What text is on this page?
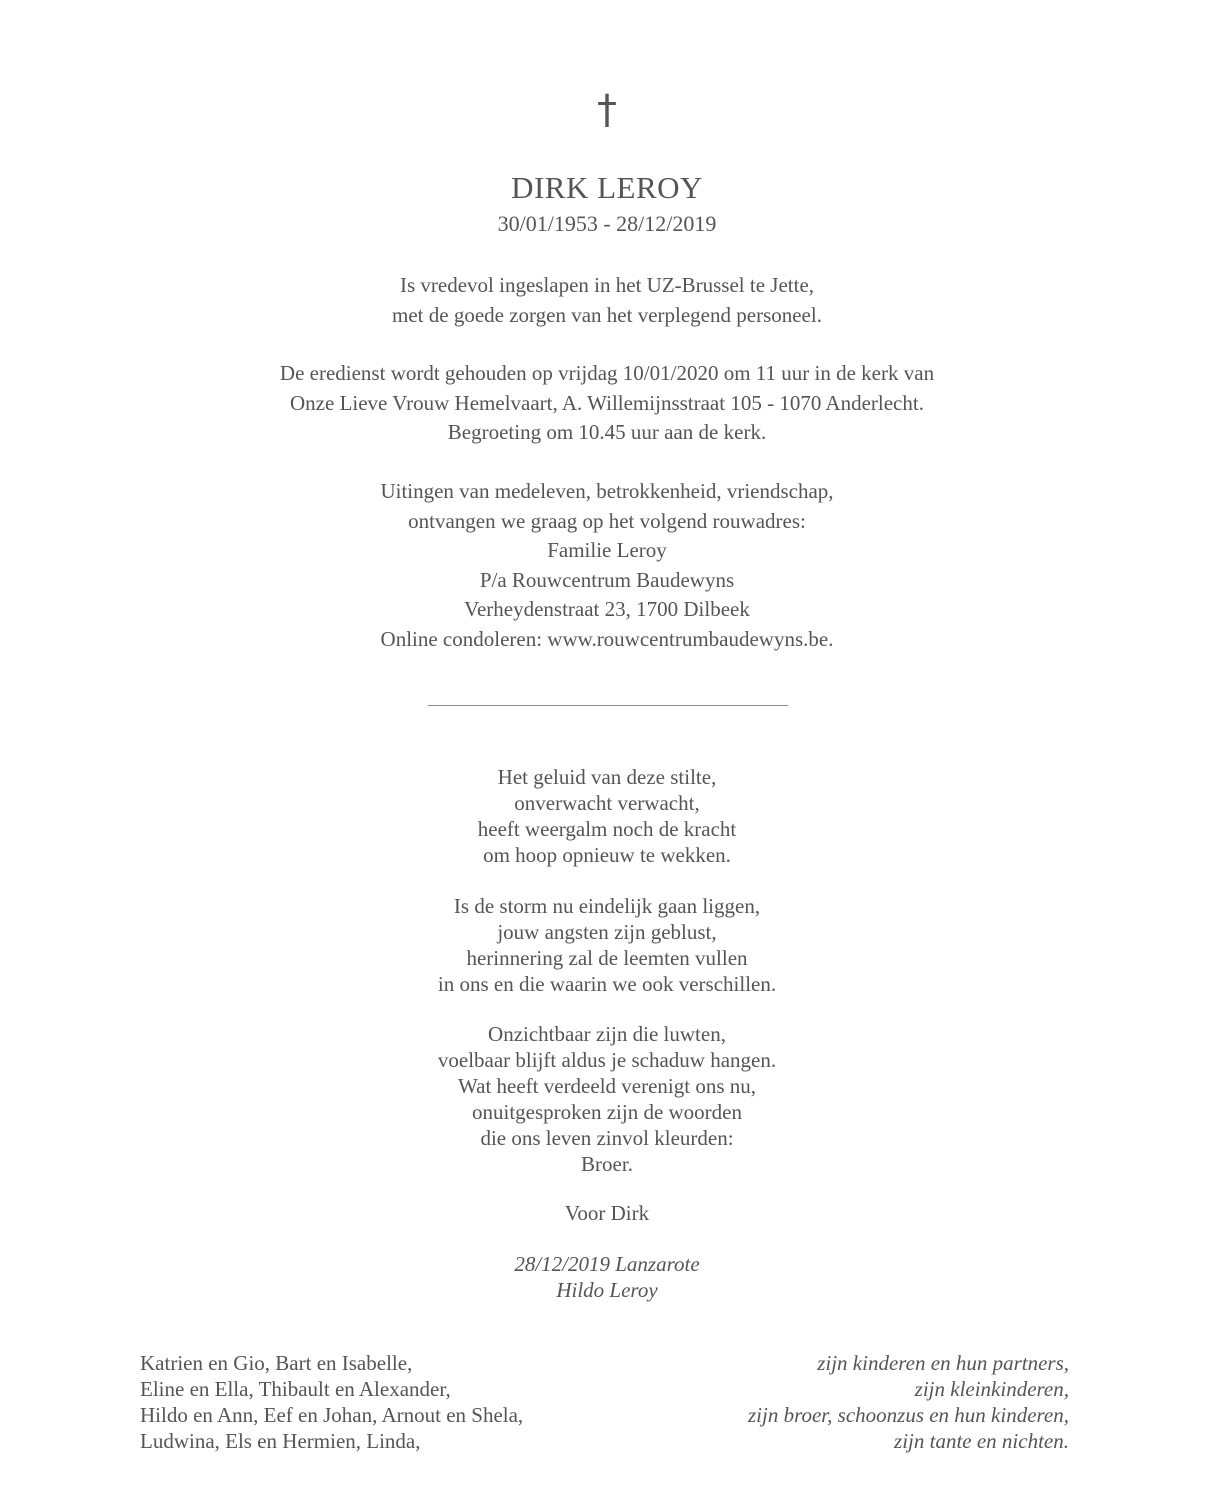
†
DIRK LEROY
30/01/1953 - 28/12/2019
Is vredevol ingeslapen in het UZ-Brussel te Jette,
met de goede zorgen van het verplegend personeel.
De eredienst wordt gehouden op vrijdag 10/01/2020 om 11 uur in de kerk van
Onze Lieve Vrouw Hemelvaart, A. Willemijnsstraat 105 - 1070 Anderlecht.
Begroeting om 10.45 uur aan de kerk.
Uitingen van medeleven, betrokkenheid, vriendschap,
ontvangen we graag op het volgend rouwadres:
Familie Leroy
P/a Rouwcentrum Baudewyns
Verheydenstraat 23, 1700 Dilbeek
Online condoleren: www.rouwcentrumbaudewyns.be.
Het geluid van deze stilte,
onverwacht verwacht,
heeft weergalm noch de kracht
om hoop opnieuw te wekken.
Is de storm nu eindelijk gaan liggen,
jouw angsten zijn geblust,
herinnering zal de leemten vullen
in ons en die waarin we ook verschillen.
Onzichtbaar zijn die luwten,
voelbaar blijft aldus je schaduw hangen.
Wat heeft verdeeld verenigt ons nu,
onuitgesproken zijn de woorden
die ons leven zinvol kleurden:
Broer.
Voor Dirk
28/12/2019 Lanzarote
Hildo Leroy
Katrien en Gio, Bart en Isabelle,
Eline en Ella, Thibault en Alexander,
Hildo en Ann, Eef en Johan, Arnout en Shela,
Ludwina, Els en Hermien, Linda,
zijn kinderen en hun partners,
zijn kleinkinderen,
zijn broer, schoonzus en hun kinderen,
zijn tante en nichten.
